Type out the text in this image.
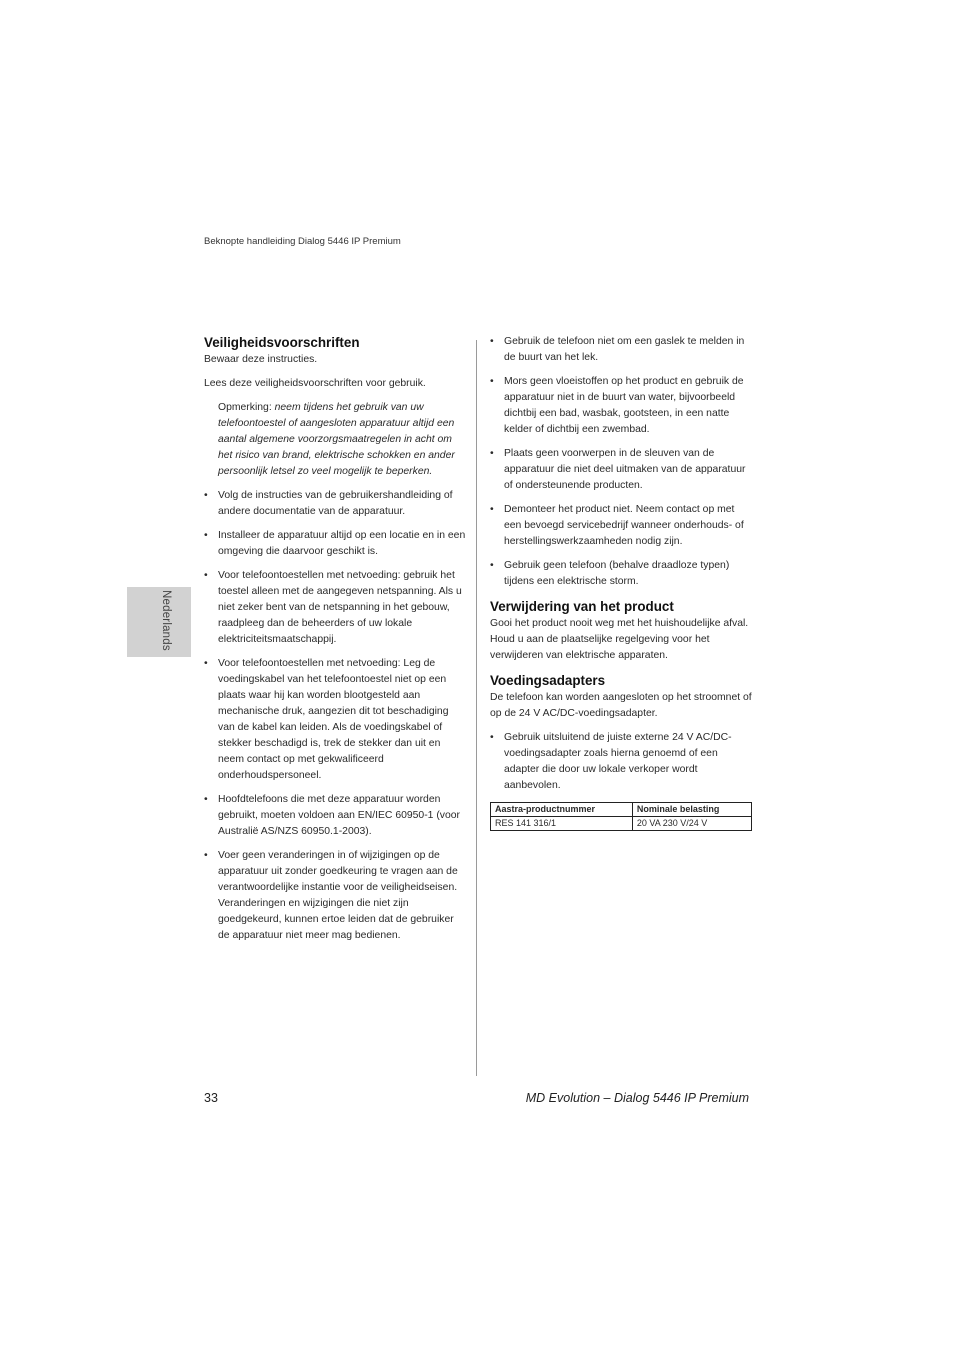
Beknopte handleiding Dialog 5446 IP Premium
Nederlands
Veiligheidsvoorschriften

Bewaar deze instructies.

Lees deze veiligheidsvoorschriften voor gebruik.

Opmerking: neem tijdens het gebruik van uw telefoontoestel of aangesloten apparatuur altijd een aantal algemene voorzorgsmaatregelen in acht om het risico van brand, elektrische schokken en ander persoonlijk letsel zo veel mogelijk te beperken.

• Volg de instructies van de gebruikershandleiding of andere documentatie van de apparatuur.
• Installeer de apparatuur altijd op een locatie en in een omgeving die daarvoor geschikt is.
• Voor telefoontoestellen met netvoeding: gebruik het toestel alleen met de aangegeven netspanning. Als u niet zeker bent van de netspanning in het gebouw, raadpleeg dan de beheerders of uw lokale elektriciteitsmaatschappij.
• Voor telefoontoestellen met netvoeding: Leg de voedingskabel van het telefoontoestel niet op een plaats waar hij kan worden blootgesteld aan mechanische druk, aangezien dit tot beschadiging van de kabel kan leiden. Als de voedingskabel of stekker beschadigd is, trek de stekker dan uit en neem contact op met gekwalificeerd onderhoudspersoneel.
• Hoofdtelefoons die met deze apparatuur worden gebruikt, moeten voldoen aan EN/IEC 60950-1 (voor Australië AS/NZS 60950.1-2003).
• Voer geen veranderingen in of wijzigingen op de apparatuur uit zonder goedkeuring te vragen aan de verantwoordelijke instantie voor de veiligheidseisen. Veranderingen en wijzigingen die niet zijn goedgekeurd, kunnen ertoe leiden dat de gebruiker de apparatuur niet meer mag bedienen.
• Gebruik de telefoon niet om een gaslek te melden in de buurt van het lek.
• Mors geen vloeistoffen op het product en gebruik de apparatuur niet in de buurt van water, bijvoorbeeld dichtbij een bad, wasbak, gootsteen, in een natte kelder of dichtbij een zwembad.
• Plaats geen voorwerpen in de sleuven van de apparatuur die niet deel uitmaken van de apparatuur of ondersteunende producten.
• Demonteer het product niet. Neem contact op met een bevoegd servicebedrijf wanneer onderhouds- of herstellingswerkzaamheden nodig zijn.
• Gebruik geen telefoon (behalve draadloze typen) tijdens een elektrische storm.
Verwijdering van het product

Gooi het product nooit weg met het huishoudelijke afval. Houd u aan de plaatselijke regelgeving voor het verwijderen van elektrische apparaten.

Voedingsadapters

De telefoon kan worden aangesloten op het stroomnet of op de 24 V AC/DC-voedingsadapter.

• Gebruik uitsluitend de juiste externe 24 V AC/DC-voedingsadapter zoals hierna genoemd of een adapter die door uw lokale verkoper wordt aanbevolen.
Aastra-productnummer	Nominale belasting
RES 141 316/1	20 VA 230 V/24 V
33	MD Evolution – Dialog 5446 IP Premium
